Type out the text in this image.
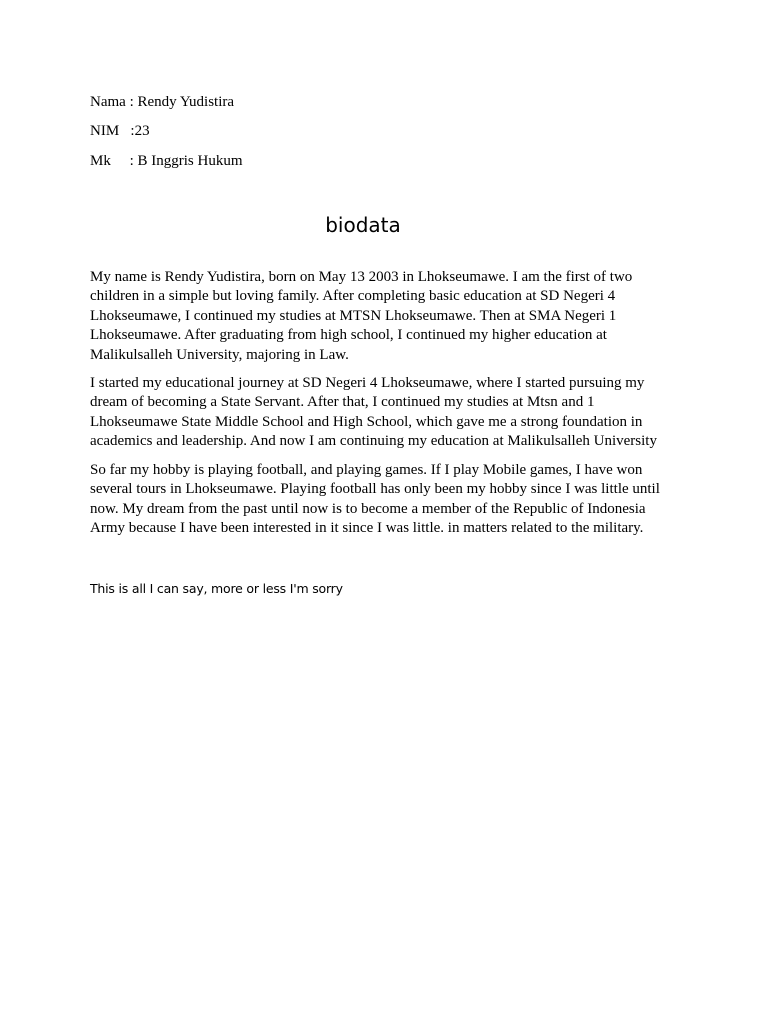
Nama : Rendy Yudistira
NIM   :23
Mk     : B Inggris Hukum
biodata

My name is Rendy Yudistira, born on May 13 2003 in Lhokseumawe. I am the first of two children in a simple but loving family. After completing basic education at SD Negeri 4 Lhokseumawe, I continued my studies at MTSN Lhokseumawe. Then at SMA Negeri 1 Lhokseumawe. After graduating from high school, I continued my higher education at Malikulsalleh University, majoring in Law.

I started my educational journey at SD Negeri 4 Lhokseumawe, where I started pursuing my dream of becoming a State Servant. After that, I continued my studies at Mtsn and 1 Lhokseumawe State Middle School and High School, which gave me a strong foundation in academics and leadership. And now I am continuing my education at Malikulsalleh University

So far my hobby is playing football, and playing games. If I play Mobile games, I have won several tours in Lhokseumawe. Playing football has only been my hobby since I was little until now. My dream from the past until now is to become a member of the Republic of Indonesia Army because I have been interested in it since I was little. in matters related to the military.

This is all I can say, more or less I'm sorry
